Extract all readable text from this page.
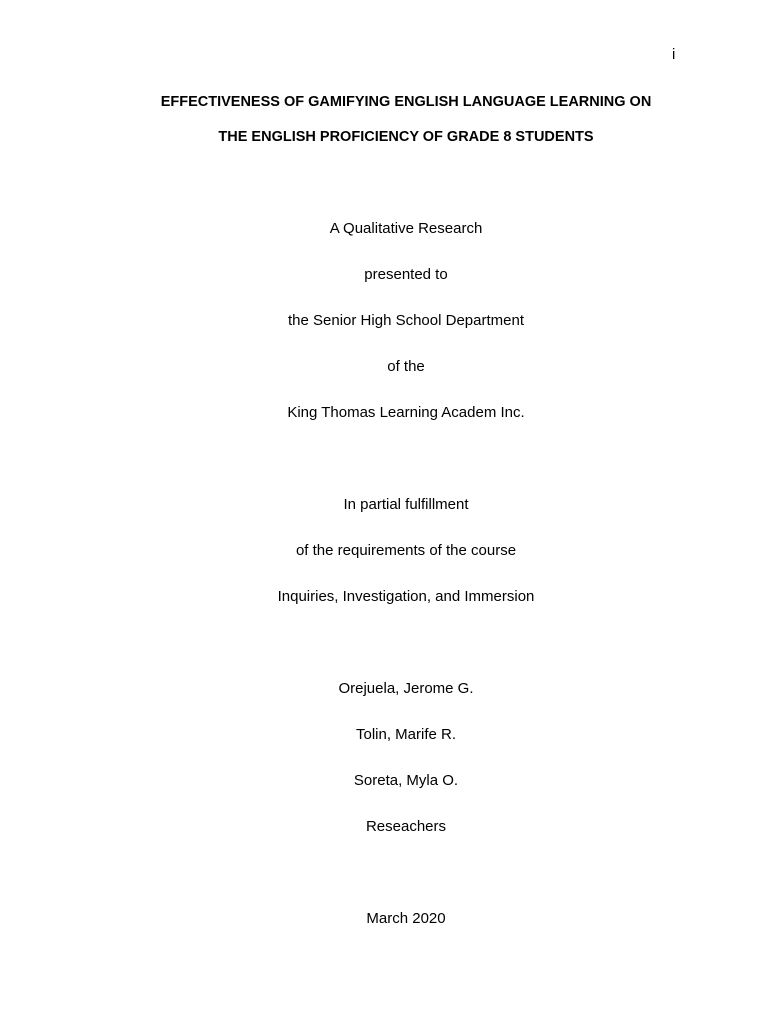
i
EFFECTIVENESS OF GAMIFYING ENGLISH LANGUAGE LEARNING ON
THE ENGLISH PROFICIENCY OF GRADE 8 STUDENTS
A Qualitative Research
presented to
the Senior High School Department
of the
King Thomas Learning Academ Inc.
In partial fulfillment
of the requirements of the course
Inquiries, Investigation, and Immersion
Orejuela, Jerome G.
Tolin, Marife R.
Soreta, Myla O.
Reseachers
March 2020
